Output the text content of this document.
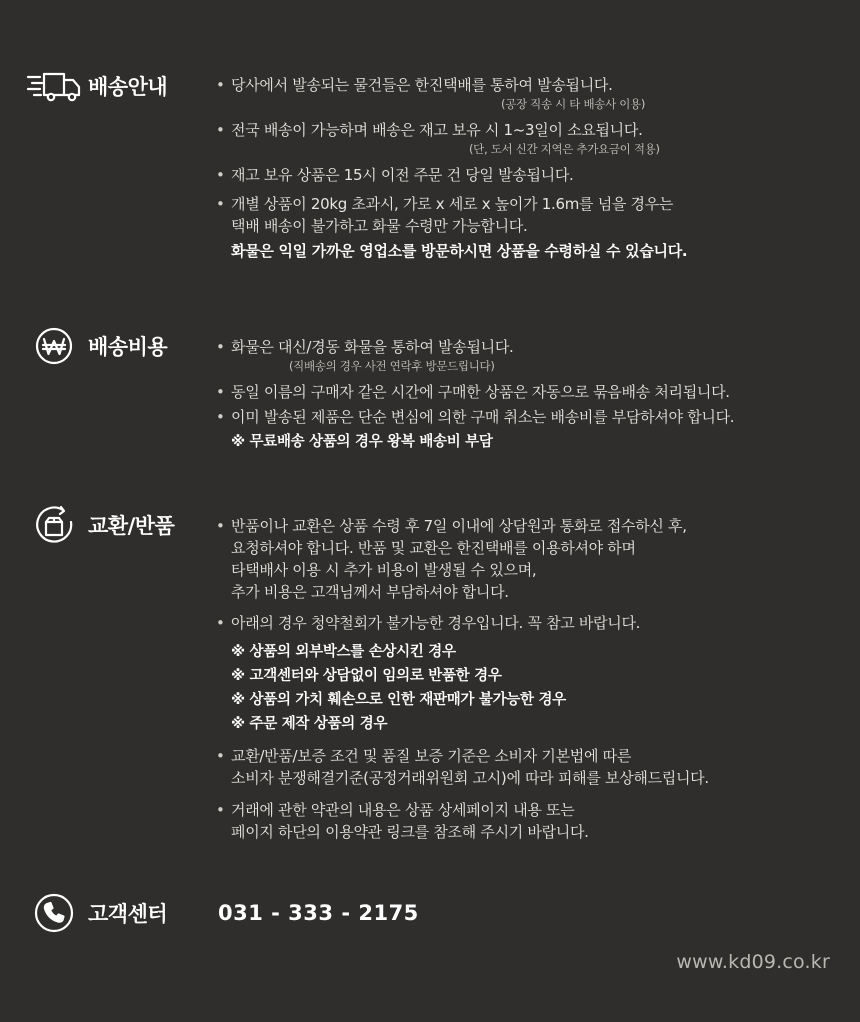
배송안내	• 당사에서 발송되는 물건들은 한진택배를 통하여 발송됩니다.
(공장 직송 시 타 배송사 이용)
• 전국 배송이 가능하며 배송은 재고 보유 시 1~3일이 소요됩니다.
(단, 도서 신간 지역은 추가요금이 적용)
• 재고 보유 상품은 15시 이전 주문 건 당일 발송됩니다.
• 개별 상품이 20kg 초과시, 가로 x 세로 x 높이가 1.6m를 넘을 경우는
택배 배송이 불가하고 화물 수령만 가능합니다.
화물은 익일 가까운 영업소를 방문하시면 상품을 수령하실 수 있습니다.
배송비용	• 화물은 대신/경동 화물을 통하여 발송됩니다.
(직배송의 경우 사전 연락후 방문드립니다)
• 동일 이름의 구매자 같은 시간에 구매한 상품은 자동으로 묶음배송 처리됩니다.
• 이미 발송된 제품은 단순 변심에 의한 구매 취소는 배송비를 부담하셔야 합니다.
※ 무료배송 상품의 경우 왕복 배송비 부담
교환/반품	• 반품이나 교환은 상품 수령 후 7일 이내에 상담원과 통화로 접수하신 후,
요청하셔야 합니다. 반품 및 교환은 한진택배를 이용하셔야 하며
타택배사 이용 시 추가 비용이 발생될 수 있으며,
추가 비용은 고객님께서 부담하셔야 합니다.
• 아래의 경우 청약철회가 불가능한 경우입니다. 꼭 참고 바랍니다.
※ 상품의 외부박스를 손상시킨 경우
※ 고객센터와 상담없이 임의로 반품한 경우
※ 상품의 가치 훼손으로 인한 재판매가 불가능한 경우
※ 주문 제작 상품의 경우
• 교환/반품/보증 조건 및 품질 보증 기준은 소비자 기본법에 따른
소비자 분쟁해결기준(공정거래위원회 고시)에 따라 피해를 보상해드립니다.
• 거래에 관한 약관의 내용은 상품 상세페이지 내용 또는
페이지 하단의 이용약관 링크를 참조해 주시기 바랍니다.
고객센터 031 - 333 - 2175
www.kd09.co.kr
